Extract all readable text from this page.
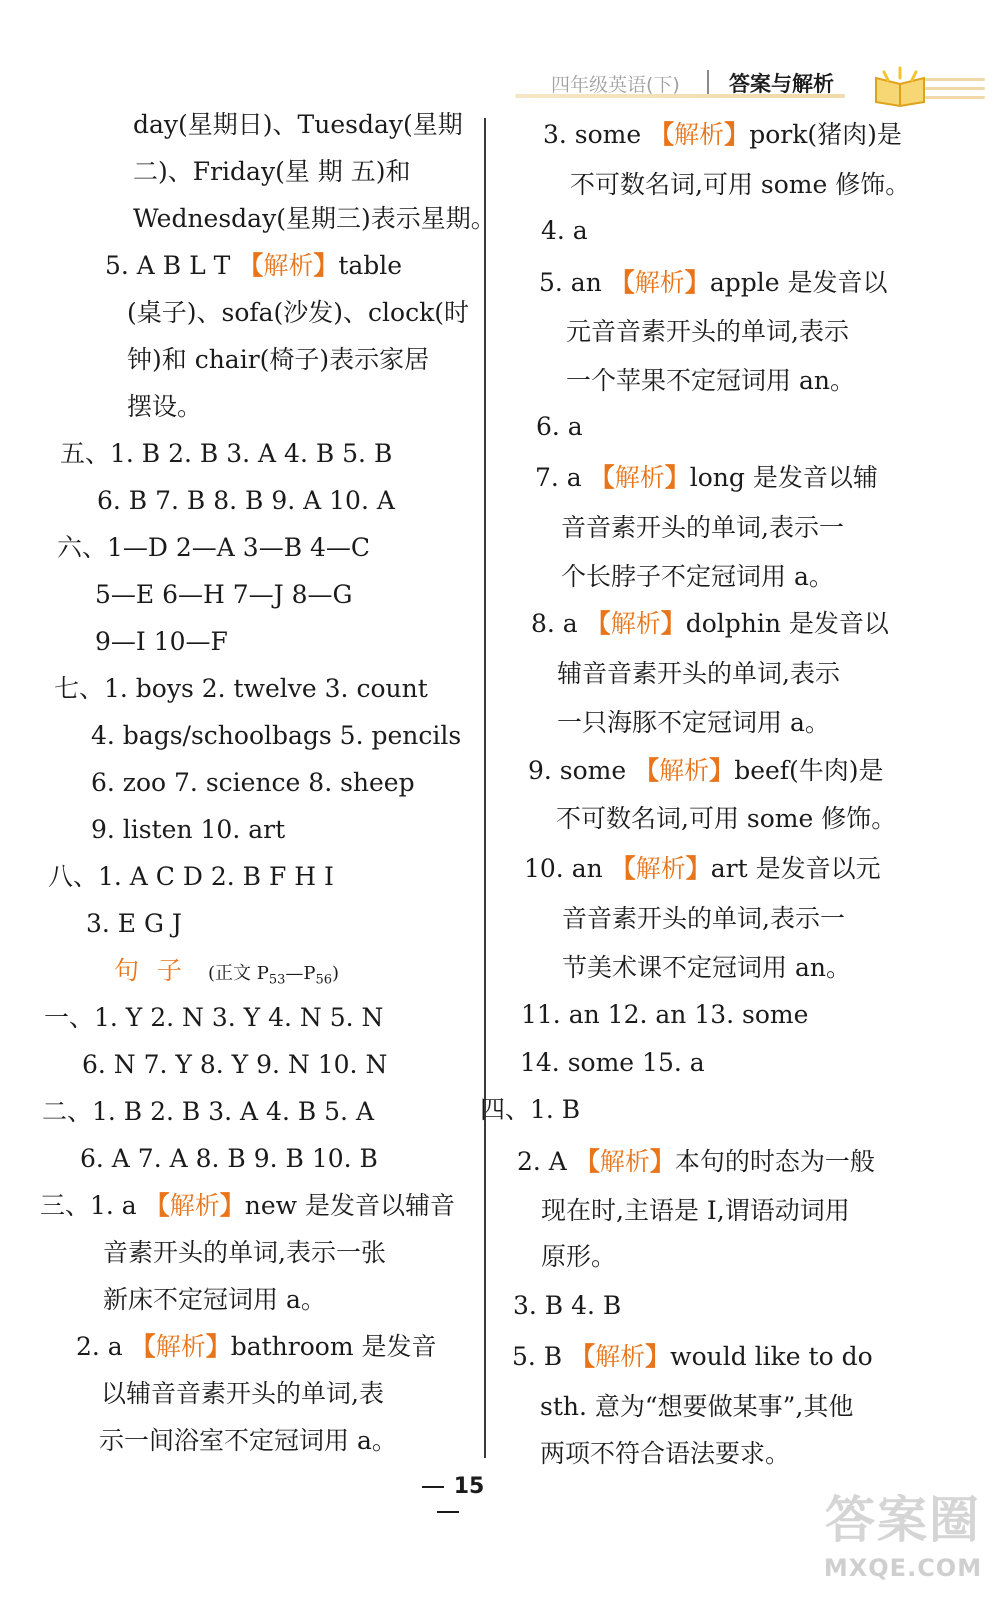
四年级英语(下) 答案与解析
day(星期日)、Tuesday(星期
二)、Friday(星 期 五)和
Wednesday(星期三)表示星期。
5. A B L T 【解析】table
(桌子)、sofa(沙发)、clock(时
钟)和 chair(椅子)表示家居
摆设。
五、1. B 2. B 3. A 4. B 5. B
6. B 7. B 8. B 9. A 10. A
六、1—D 2—A 3—B 4—C
5—E 6—H 7—J 8—G
9—I 10—F
七、1. boys 2. twelve 3. count
4. bags/schoolbags 5. pencils
6. zoo 7. science 8. sheep
9. listen 10. art
八、1. A C D 2. B F H I
3. E G J
句子 (正文 $P_{53}—P_{56}$)
一、1. Y 2. N 3. Y 4. N 5. N
6. N 7. Y 8. Y 9. N 10. N
二、1. B 2. B 3. A 4. B 5. A
6. A 7. A 8. B 9. B 10. B
三、1. a 【解析】new 是发音以辅音
音素开头的单词,表示一张
新床不定冠词用 a。
2. a 【解析】bathroom 是发音
以辅音音素开头的单词,表
示一间浴室不定冠词用 a。
3. some 【解析】pork(猪肉)是
不可数名词,可用 some 修饰。
4. a
5. an 【解析】apple 是发音以
元音音素开头的单词,表示
一个苹果不定冠词用 an。
6. a
7. a 【解析】long 是发音以辅
音音素开头的单词,表示一
个长脖子不定冠词用 a。
8. a 【解析】dolphin 是发音以
辅音音素开头的单词,表示
一只海豚不定冠词用 a。
9. some 【解析】beef(牛肉)是
不可数名词,可用 some 修饰。
10. an 【解析】art 是发音以元
音音素开头的单词,表示一
节美术课不定冠词用 an。
11. an 12. an 13. some
14. some 15. a
四、1. B
2. A 【解析】本句的时态为一般
现在时,主语是 I,谓语动词用
原形。
3. B 4. B
5. B 【解析】would like to do
sth. 意为“想要做某事”,其他
两项不符合语法要求。
15
答案圈
MXQE.COM
